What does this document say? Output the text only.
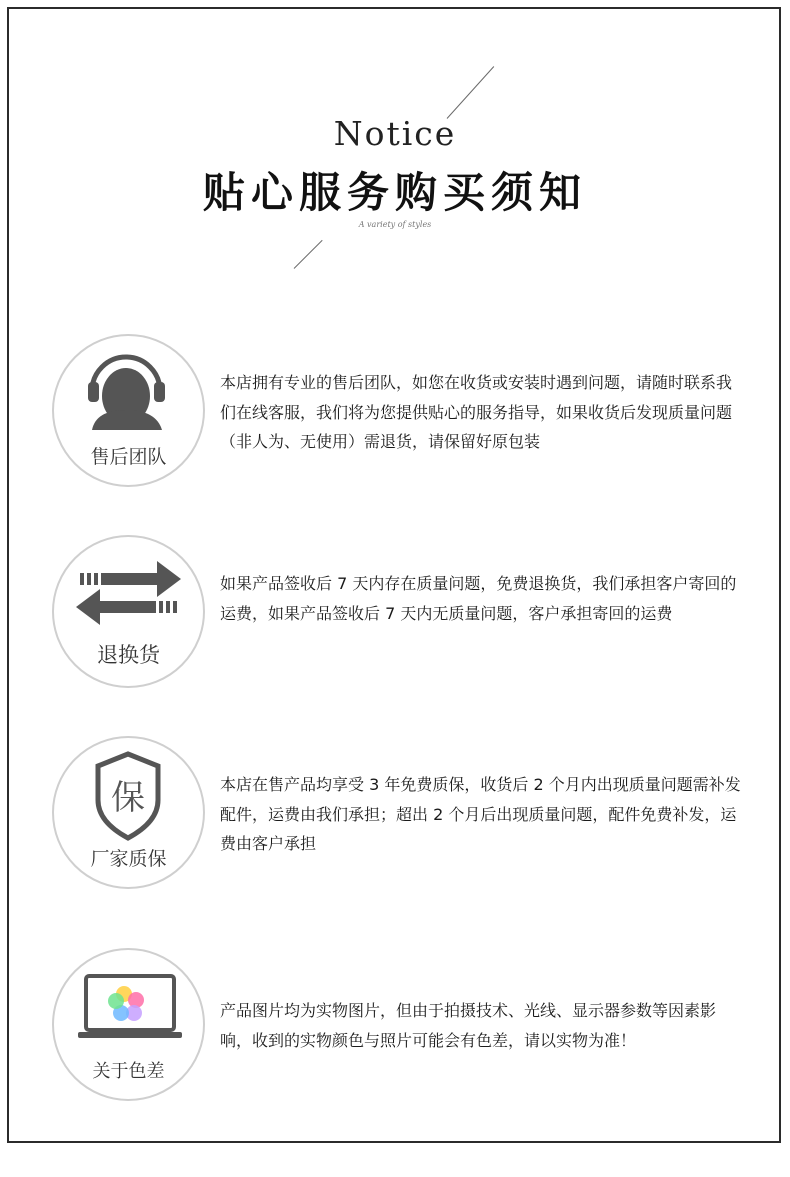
Notice
贴心服务购买须知
A variety of styles
售后团队
本店拥有专业的售后团队，如您在收货或安装时遇到问题，请随时联系我们在线客服，我们将为您提供贴心的服务指导，如果收货后发现质量问题（非人为、无使用）需退货，请保留好原包装
退换货
如果产品签收后 7 天内存在质量问题，免费退换货，我们承担客户寄回的运费，如果产品签收后 7 天内无质量问题，客户承担寄回的运费
保
厂家质保
本店在售产品均享受 3 年免费质保，收货后 2 个月内出现质量问题需补发配件，运费由我们承担；超出 2 个月后出现质量问题，配件免费补发，运费由客户承担
关于色差
产品图片均为实物图片，但由于拍摄技术、光线、显示器参数等因素影响，收到的实物颜色与照片可能会有色差，请以实物为准！
